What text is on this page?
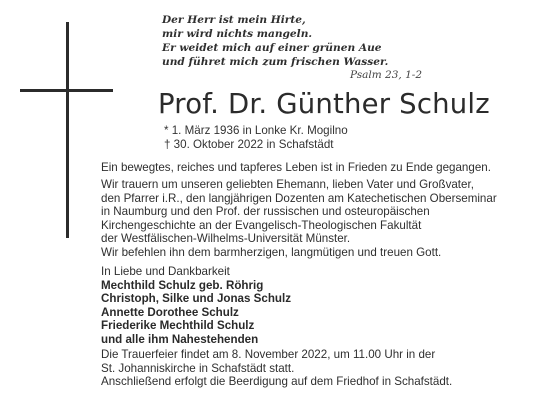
Der Herr ist mein Hirte,
mir wird nichts mangeln.
Er weidet mich auf einer grünen Aue
und führet mich zum frischen Wasser.
Psalm 23, 1-2
Prof. Dr. Günther Schulz
* 1. März 1936 in Lonke Kr. Mogilno
† 30. Oktober 2022 in Schafstädt
Ein bewegtes, reiches und tapferes Leben ist in Frieden zu Ende gegangen.
Wir trauern um unseren geliebten Ehemann, lieben Vater und Großvater,
den Pfarrer i.R., den langjährigen Dozenten am Katechetischen Oberseminar
in Naumburg und den Prof. der russischen und osteuropäischen
Kirchengeschichte an der Evangelisch-Theologischen Fakultät
der Westfälischen-Wilhelms-Universität Münster.
Wir befehlen ihn dem barmherzigen, langmütigen und treuen Gott.
In Liebe und Dankbarkeit
Mechthild Schulz geb. Röhrig
Christoph, Silke und Jonas Schulz
Annette Dorothee Schulz
Friederike Mechthild Schulz
und alle ihm Nahestehenden
Die Trauerfeier findet am 8. November 2022, um 11.00 Uhr in der
St. Johanniskirche in Schafstädt statt.
Anschließend erfolgt die Beerdigung auf dem Friedhof in Schafstädt.
